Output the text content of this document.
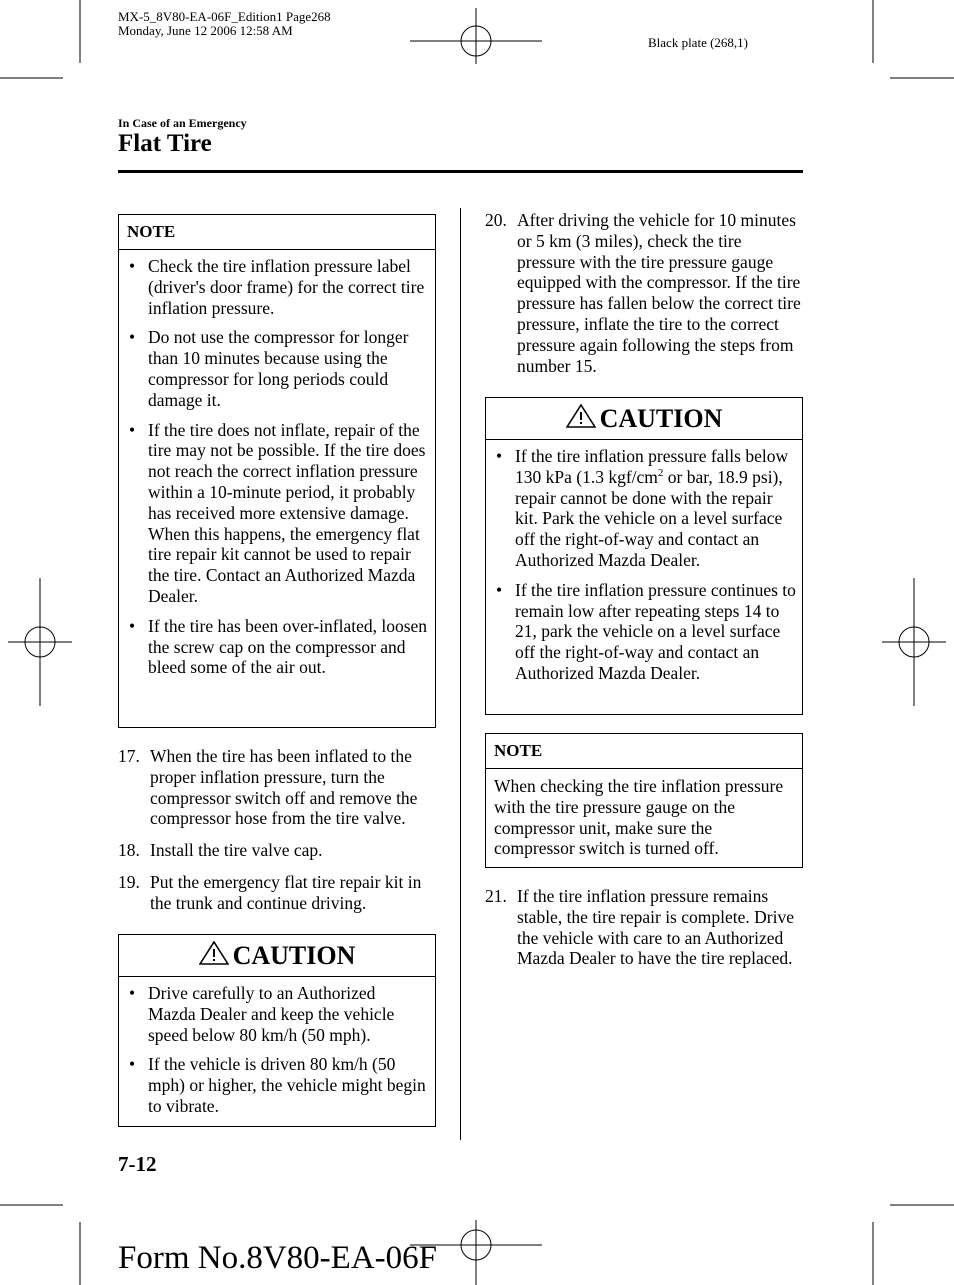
MX-5_8V80-EA-06F_Edition1 Page268
Monday, June 12 2006 12:58 AM
Black plate (268,1)
In Case of an Emergency
Flat Tire
NOTE
• Check the tire inflation pressure label (driver's door frame) for the correct tire inflation pressure.
• Do not use the compressor for longer than 10 minutes because using the compressor for long periods could damage it.
• If the tire does not inflate, repair of the tire may not be possible. If the tire does not reach the correct inflation pressure within a 10-minute period, it probably has received more extensive damage. When this happens, the emergency flat tire repair kit cannot be used to repair the tire. Contact an Authorized Mazda Dealer.
• If the tire has been over-inflated, loosen the screw cap on the compressor and bleed some of the air out.
17. When the tire has been inflated to the proper inflation pressure, turn the compressor switch off and remove the compressor hose from the tire valve.
18. Install the tire valve cap.
19. Put the emergency flat tire repair kit in the trunk and continue driving.
CAUTION
• Drive carefully to an Authorized Mazda Dealer and keep the vehicle speed below 80 km/h (50 mph).
• If the vehicle is driven 80 km/h (50 mph) or higher, the vehicle might begin to vibrate.
20. After driving the vehicle for 10 minutes or 5 km (3 miles), check the tire pressure with the tire pressure gauge equipped with the compressor. If the tire pressure has fallen below the correct tire pressure, inflate the tire to the correct pressure again following the steps from number 15.
CAUTION
• If the tire inflation pressure falls below 130 kPa (1.3 kgf/$cm^2$ or bar, 18.9 psi), repair cannot be done with the repair kit. Park the vehicle on a level surface off the right-of-way and contact an Authorized Mazda Dealer.
• If the tire inflation pressure continues to remain low after repeating steps 14 to 21, park the vehicle on a level surface off the right-of-way and contact an Authorized Mazda Dealer.
NOTE
When checking the tire inflation pressure with the tire pressure gauge on the compressor unit, make sure the compressor switch is turned off.
21. If the tire inflation pressure remains stable, the tire repair is complete. Drive the vehicle with care to an Authorized Mazda Dealer to have the tire replaced.
7-12
Form No.8V80-EA-06F
